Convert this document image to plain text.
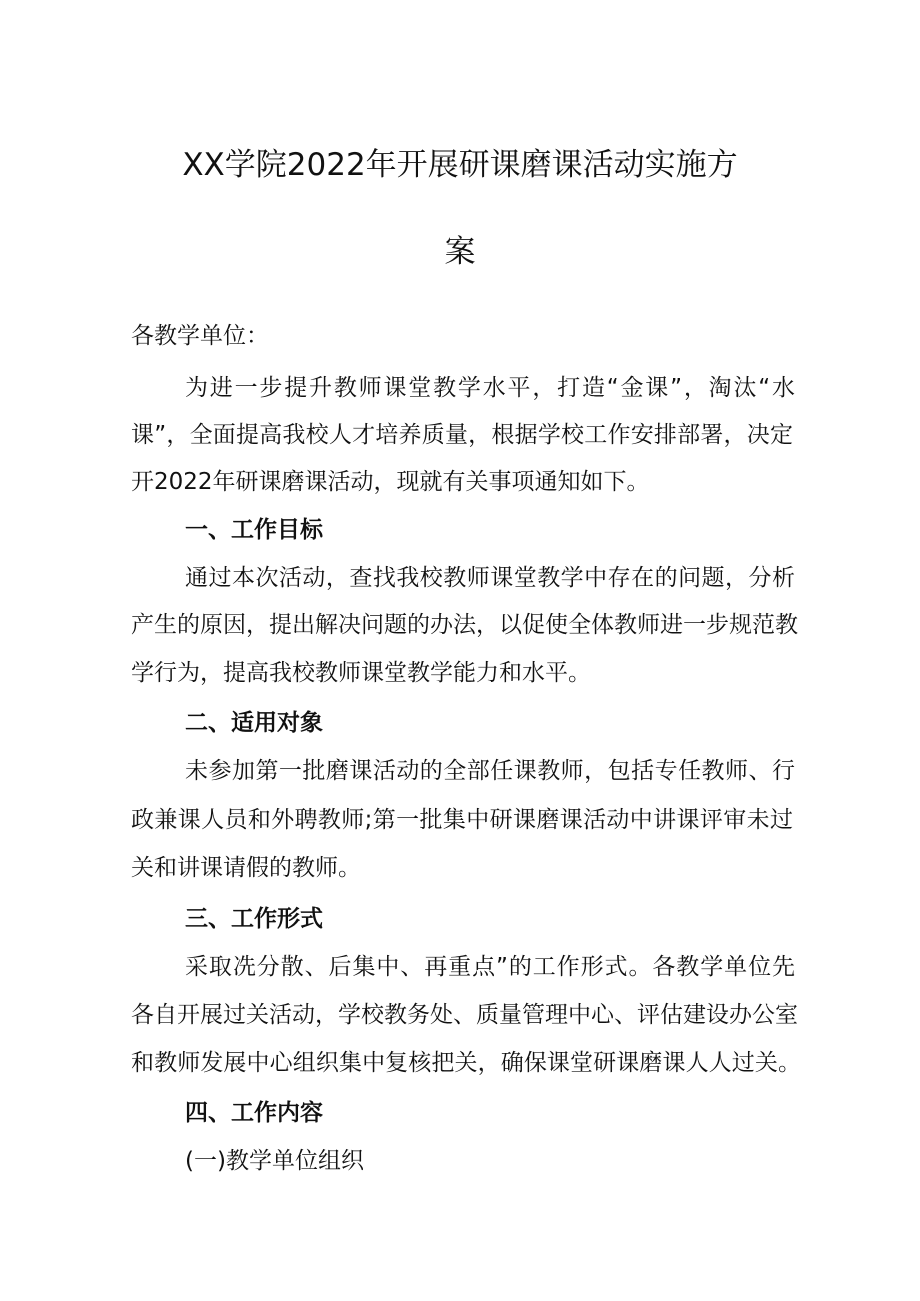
XX学院2022年开展研课磨课活动实施方
案
各教学单位：
为进一步提升教师课堂教学水平，打造“金课”，淘汰“水
课”，全面提高我校人才培养质量，根据学校工作安排部署，决定
开2022年研课磨课活动，现就有关事项通知如下。
一、工作目标
通过本次活动，查找我校教师课堂教学中存在的问题，分析
产生的原因，提出解决问题的办法，以促使全体教师进一步规范教
学行为，提高我校教师课堂教学能力和水平。
二、适用对象
未参加第一批磨课活动的全部任课教师，包括专任教师、行
政兼课人员和外聘教师;第一批集中研课磨课活动中讲课评审未过
关和讲课请假的教师。
三、工作形式
采取冼分散、后集中、再重点”的工作形式。各教学单位先
各自开展过关活动，学校教务处、质量管理中心、评估建设办公室
和教师发展中心组织集中复核把关，确保课堂研课磨课人人过关。
四、工作内容
(一)教学单位组织
